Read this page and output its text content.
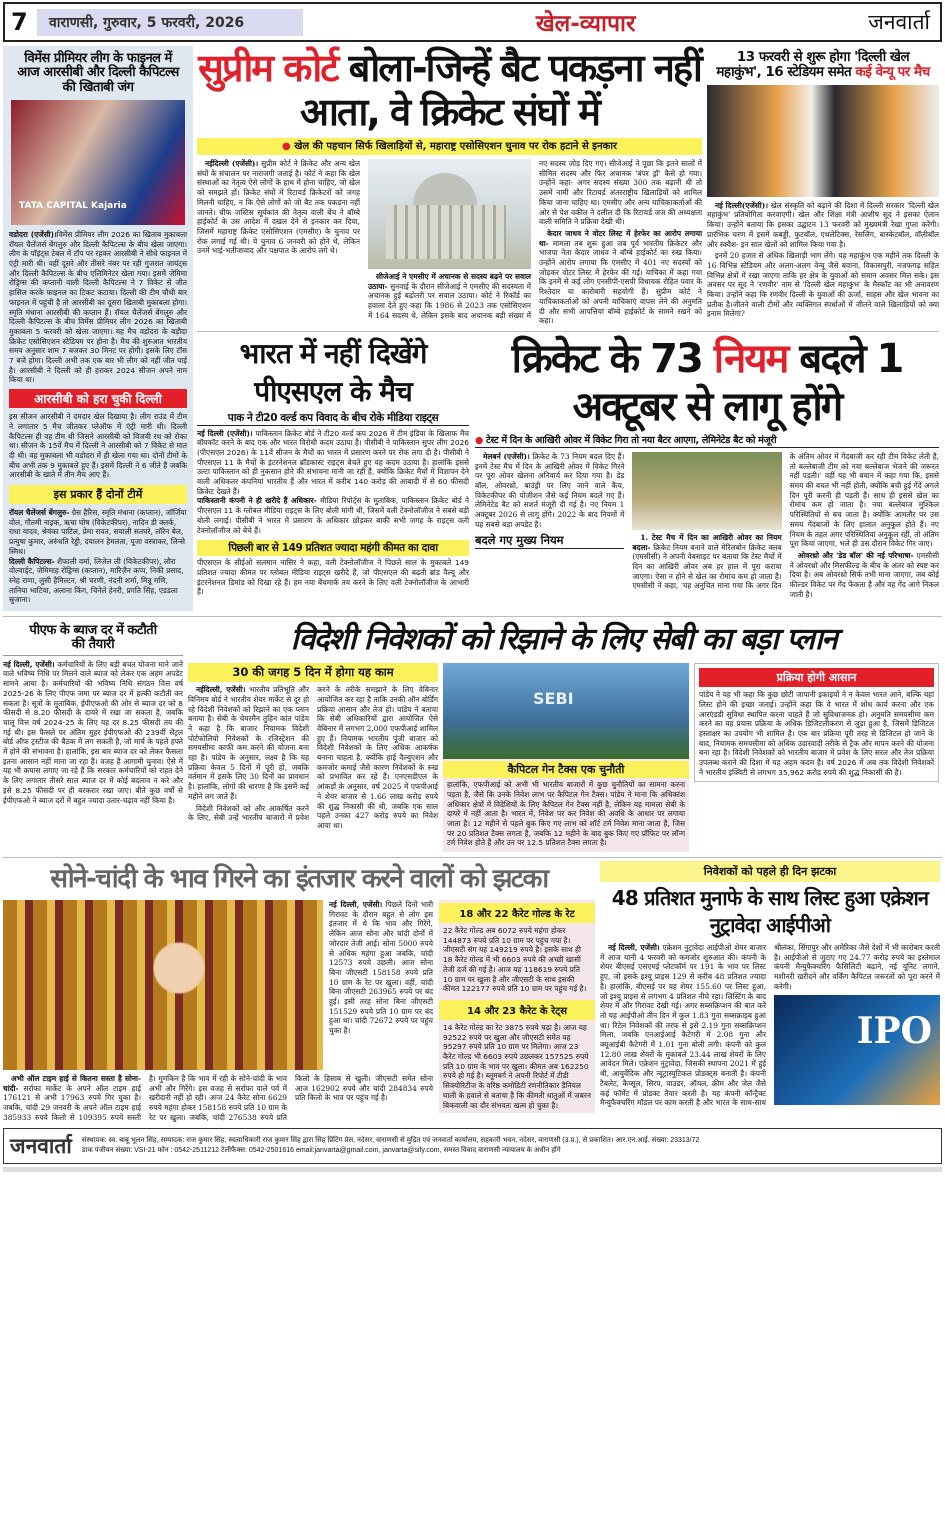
7	वाराणसी, गुरुवार, 5 फरवरी, 2026	खेल-व्यापार	जनवार्ता
विमेंस प्रीमियर लीग के फाइनल में आज आरसीबी और दिल्ली कैपिटल्स की खिताबी जंग
TATA CAPITAL Kajaria
वडोदरा (एजेंसी)।विमेंस प्रीमियर लीग 2026 का खिताब मुकाबला रॉयल चैलेंजर्स बेंगलुरु और दिल्ली कैपिटल्स के बीच खेला जाएगा। लीग के पॉइंट्स टेबल में टॉप पर रहकर आरसीबी ने सीधे फाइनल में एंट्री मारी थी। वहीं दूसरे और तीसरे नंबर पर रही गुजरात जायंट्स और दिल्ली कैपिटल्स के बीच एलिमिनेटर खेला गया। इसमें जेमिमा रोड्रिग्स की कप्तानी वाली दिल्ली कैपिटल्स ने 7 विकेट से जीत हासिल करके फाइनल का टिकट कटाया। दिल्ली की टीम चौथी बार फाइनल में पहुंची है तो आरसीबी का दूसरा खिताबी मुकाबला होगा। स्मृति मंधाना आरसीबी की कप्तान हैं। रॉयल चैलेंजर्स बेंगलुरु और दिल्ली कैपिटल्स के बीच विमेंस प्रीमियर लीग 2026 का खिताबी मुकाबला 5 फरवरी को खेला जाएगा। यह मैच वडोदरा के बड़ौदा क्रिकेट एसोसिएशन स्टेडियम पर होना है। मैच की शुरुआत भारतीय समय अनुसार शाम 7 बजकर 30 मिनट पर होगी। इसके लिए टॉस 7 बजे होगा। दिल्ली अभी तक एक बार भी लीग को नहीं जीत पाई है। आरसीबी ने दिल्ली को ही हराकर 2024 सीजन अपने नाम किया था।
आरसीबी को हरा चुकी दिल्ली
इस सीजन आरसीबी ने दमदार खेल दिखाया है। लीग राउंड में टीम ने लगातार 5 मैच जीतकर प्लेऑफ में एंट्री मारी थी। दिल्ली कैपिटल्स ही वह टीम थी जिसने आरसीबी को विजयी रथ को रोका था। सीजन के 15वें मैच में दिल्ली ने आरसीबी को 7 विकेट से मात दी थी। वह मुकाबला भी वडोदरा में ही खेला गया था। दोनों टीमों के बीच अभी तक 9 मुकाबले हुए हैं। इसमें दिल्ली ने 6 जीते हैं जबकि आरसीबी के खाते में तीन मैच आए हैं।
इस प्रकार हैं दोनों टीमें
रॉयल चैलेंजर्स बेंगलुरु- ग्रेस हैरिस, स्मृति मंधाना (कप्तान), जॉर्जिया वोल, गौतमी नाइक, ऋचा घोष (विकेटकीपर), नादिन डी क्लर्क, राधा यादव, श्रेयंका पाटिल, प्रेमा रावत, सयाली सतघरे, लॉरेन बेल, प्रत्युषा कुमार, अरुंधति रेड्डी, दयालन हेमलता, पूजा वस्त्राकर, लिन्से स्मिथ।
दिल्ली कैपिटल्स- शैफाली वर्मा, लिजेल ली (विकेटकीपर), लौरा वोल्वार्ड्ट, जेमिमाह रोड्रिग्स (कप्तान), मारिज़ैन कप्प, निकी प्रसाद, स्नेह राणा, लुसी हैमिल्टन, श्री चरणी, नंदनी शर्मा, मिन्नू मणि, तानिया भाटिया, अलाना किंग, चिनेले हेनरी, प्रगति सिंह, एडडला स्रुजाना।
सुप्रीम कोर्ट बोला-जिन्हें बैट पकड़ना नहीं आता, वे क्रिकेट संघों में
● खेल की पहचान सिर्फ खिलाड़ियों से, महाराष्ट्र एसोसिएशन चुनाव पर रोक हटाने से इनकार

नईदिल्ली (एजेंसी)। सुप्रीम कोर्ट ने क्रिकेट और अन्य खेल संघों के संचालन पर नाराजगी जताई है। कोर्ट ने कहा कि खेल संस्थाओं का नेतृत्व ऐसे लोगों के हाथ में होना चाहिए, जो खेल को समझते हों। क्रिकेट संघों में रिटायर्ड क्रिकेटरों को जगह मिलनी चाहिए, न कि ऐसे लोगों को जो बैट तक पकड़ना नहीं जानते। चीफ जस्टिस सूर्यकांत की नेतृत्व वाली बेंच ने बॉम्बे हाईकोर्ट के उस आदेश में दखल देने से इनकार कर दिया, जिसमें महाराष्ट्र क्रिकेट एसोसिएशन (एमसीए) के चुनाव पर रोक लगाई गई थी। ये चुनाव 6 जनवरी को होने थे, लेकिन उनमें भाई-भतीजावाद और पक्षपात के आरोप लगे थे।

सीजेआई ने एमसीए में अचानक से सदस्य बढ़ने पर सवाल उठाया- सुनवाई के दौरान सीजेआई ने एमसीए की सदस्यता में अचानक हुई बढ़ोतरी पर सवाल उठाया। कोर्ट ने रिकॉर्ड का हवाला देते हुए कहा कि 1986 से 2023 तक एसोसिएशन में 164 सदस्य थे, लेकिन इसके बाद अचानक बड़ी संख्या में नए सदस्य जोड़ दिए गए। सीजेआई ने पूछा कि इतने सालों में सीमित सदस्य और फिर अचानक 'बंपर ड्रॉ' कैसे हो गया। उन्होंने कहा- अगर सदस्य संख्या 300 तक बढ़ानी थी तो उसमें नामी और रिटायर्ड अंतरराष्ट्रीय खिलाड़ियों को शामिल किया जाना चाहिए था। एमसीए और अन्य याचिकाकर्ताओं की ओर से पेश वकील ने दलील दी कि रिटायर्ड जज की अध्यक्षता वाली समिति ने प्रक्रिया देखी थी।

केदार जाधव ने वोटर लिस्ट में हेरफेर का आरोप लगाया था- मामला तब शुरू हुआ जब पूर्व भारतीय क्रिकेटर और भाजपा नेता केदार जाधव ने बॉम्बे हाईकोर्ट का रुख किया। उन्होंने आरोप लगाया कि एमसीए में 401 नए सदस्यों को जोड़कर वोटर लिस्ट में हेरफेर की गई। याचिका में कहा गया कि इनमें से कई लोग एनसीपी-एसपी विधायक रोहित पवार के रिश्तेदार या कारोबारी सहयोगी हैं। सुप्रीम कोर्ट ने याचिकाकर्ताओं को अपनी याचिकाएं वापस लेने की अनुमति दी और सभी आपत्तियां बॉम्बे हाईकोर्ट के सामने रखने को कहा।

13 फरवरी से शुरू होगा 'दिल्ली खेल महाकुंभ', 16 स्टेडियम समेत कई वेन्यू पर मैच

नई दिल्ली(एजेंसी)। खेल संस्कृति को बढ़ाने की दिशा में दिल्ली सरकार 'दिल्ली खेल महाकुंभ' प्रतियोगिता करवाएगी। खेल और शिक्षा मंत्री आशीष सूद ने इसका ऐलान किया। उन्होंने बताया कि इसका उद्घाटन 13 फरवरी को मुख्यमंत्री रेखा गुप्ता करेंगी। प्रारंभिक चरण में इसमें कबड्डी, फुटबॉल, एथलेटिक्स, रेसलिंग, बास्केटबॉल, वॉलीबॉल और स्क्वैश- इन सात खेलों को शामिल किया गया है।

इनमें 20 हजार से अधिक खिलाड़ी भाग लेंगे। यह महाकुंभ एक महीने तक दिल्ली के 16 विभिन्न स्टेडियम और अलग-अलग वेन्यू जैसे बवाना, विकासपुरी, नजफगढ़ सहित विभिन्न क्षेत्रों में रखा जाएगा ताकि हर क्षेत्र के युवाओं को समान अवसर मिल सके। इस अवसर पर सूद ने 'रणवीर' नाम से 'दिल्ली खेल महाकुंभ' के मैस्कॉट का भी अनावरण किया। उन्होंने कहा कि रणवीर दिल्ली के युवाओं की ऊर्जा, साहस और खेल भावना का प्रतीक है।जीतने वाली टीमों और व्यक्तिगत स्पर्धाओं में जीतने वाले खिलाड़ियों को क्या इनाम मिलेगा?

भारत में नहीं दिखेंगे पीएसएल के मैच
पाक ने टी20 वर्ल्ड कप विवाद के बीच रोके मीडिया राइट्स
नई दिल्ली (एजेंसी)। पाकिस्तान क्रिकेट बोर्ड ने टी20 वर्ल्ड कप 2026 में टीम इंडिया के खिलाफ मैच बॉयकॉट करने के बाद एक और भारत विरोधी कदम उठाया है। पीसीबी ने पाकिस्तान सुपर लीग 2026 (पीएसएल 2026) के 11वें सीजन के मैचों का भारत में प्रसारण करने पर रोक लगा दी है। पीसीबी ने पीएसएल 11 के मैचों के इंटरनेशनल ब्रॉडकास्ट राइट्स बेचते हुए यह कदम उठाया है। हालांकि इससे उल्टा पाकिस्तान को ही नुकसान होने की संभावना मानी जा रही है, क्योंकि क्रिकेट मैचों में विज्ञापन देने वाली अधिकतर कंपनियां भारतीय हैं और भारत में करीब 140 करोड़ की आबादी में से 60 फीसदी क्रिकेट देखते हैं।
पाकिस्तानी कंपनी ने ही खरीदे हैं अधिकार- मीडिया रिपोर्ट्स के मुताबिक, पाकिस्तान क्रिकेट बोर्ड ने पीएसएल 11 के ग्लोबल मीडिया राइट्स के लिए बोली मांगी थी, जिसमें वली टेक्नोलॉजीज ने सबसे बड़ी बोली लगाई। पीसीबी ने भारत में प्रसारण के अधिकार छोड़कर बाकी सभी जगह के राइट्स वली टेक्नोलॉजीज को बेचे हैं।
पिछली बार से 149 प्रतिशत ज्यादा महंगी कीमत का दावा
पीएसएल के सीईओ सलमान नासिर ने कहा, वली टेक्नोलॉजीज ने पिछले साल के मुकाबले 149 प्रतिशत ज्यादा कीमत पर ग्लोबल मीडिया राइट्स खरीदे हैं, जो पीएसएल की बढ़ती ब्रांड वैल्यू और इंटरनेशनल डिमांड को दिखा रहे हैं। हम नया बेंचमार्क तय करने के लिए वली टेक्नोलॉजीज के आभारी हैं।
क्रिकेट के 73 नियम बदले 1 अक्टूबर से लागू होंगे
● टेस्ट में दिन के आखिरी ओवर में विकेट गिरा तो नया बैटर आएगा, लेमिनेटेड बैट को मंजूरी

मेलबर्न (एजेंसी)। क्रिकेट के 73 नियम बदल दिए हैं। इनमें टेस्ट मैच में दिन के आखिरी ओवर में विकेट गिरने पर पूरा ओवर खेलना अनिवार्य कर दिया गया है। डेड बॉल, ओवरथ्रो, बाउंड्री पर लिए जाने वाले कैच, विकेटकीपर की पोजीशन जैसे कई नियम बदले गए हैं। लेमिनेटेड बैट को सशर्त मंजूरी दी गई है। नए नियम 1 अक्टूबर 2026 से लागू होंगे। 2022 के बाद नियमों में यह सबसे बड़ा अपडेट है।

बदले गए मुख्य नियम	1. टेस्ट मैच में दिन का आखिरी ओवर का नियम बदला- क्रिकेट नियम बनाने वाले मेरिलबोन क्रिकेट क्लब (एमसीसी) ने अपनी वेबसाइट पर बताया कि टेस्ट मैचों में दिन का आखिरी ओवर अब हर हाल में पूरा कराया जाएगा। ऐसा न होने से खेल का रोमांच कम हो जाता है। एमसीसी ने कहा, 'यह अनुचित माना गया कि अगर दिन के अंतिम ओवर में गेंदबाजी कर रही टीम विकेट लेती है, तो बल्लेबाजी टीम को नया बल्लेबाज भेजने की जरूरत नहीं पड़ती।' वहीं यह भी बयान में कहा गया कि, इससे समय की बचत भी नहीं होती, क्योंकि बची हुई गेंदें अगले दिन पूरी करनी ही पड़ती हैं। साथ ही इससे खेल का रोमांच कम हो जाता है। नया बल्लेबाज मुश्किल परिस्थितियों से बच जाता है। क्योंकि आमतौर पर उस समय गेंदबाजों के लिए हालात अनुकूल होते हैं। नए नियम के तहत अगर परिस्थितियां अनुकूल रहीं, तो अंतिम पूरा किया जाएगा, भले ही उस दौरान विकेट गिर जाए।

ओवरथ्रो और 'डेड बॉल' की नई परिभाषा- एमसीसी ने ओवरथ्रो और मिसफील्ड के बीच के अंतर को स्पष्ट कर दिया है। अब ओवरथ्रो सिर्फ तभी माना जाएगा, जब कोई फील्डर विकेट पर गेंद फेंकता है और वह गेंद आगे निकल जाती है।

पीएफ के ब्याज दर में कटौती की तैयारी
नई दिल्ली, एजेंसी। कर्मचारियों के लिए बड़ी बचत योजना माने जाने वाले भविष्य निधि पर मिलने वाले ब्याज को लेकर एक अहम अपडेट सामने आया है। कर्मचारियों की भविष्य निधि संगठन वित्त वर्ष 2025-26 के लिए पीएफ जमा पर ब्याज दर में हल्की कटौती कर सकता है। सूत्रों के मुताबिक, ईपीएफओ की ओर से ब्याज दर को 8 फीसदी से 8.20 फीसदी के दायरे में रखा जा सकता है, जबकि चालू वित्त वर्ष 2024-25 के लिए यह दर 8.25 फीसदी तय की गई थी। इस फैसले पर अंतिम मुहर ईपीएफओ की 239वीं सेंट्रल बोर्ड ऑफ ट्रस्टीज की बैठक में लग सकती है, जो मार्च के पहले हफ्ते में होने की संभावना है। हालांकि, इस बार ब्याज दर को लेकर फैसला इतना आसान नहीं माना जा रहा है। वजह है आगामी चुनाव। ऐसे में यह भी कयास लगाए जा रहे हैं कि सरकार कर्मचारियों को राहत देने के लिए लगातार तीसरे साल ब्याज दर में कोई बदलाव न करे और इसे 8.25 फीसदी पर ही बरकरार रखा जाए। बीते कुछ वर्षों से ईपीएफओ ने ब्याज दरों में बहुत ज्यादा उतार-चढ़ाव नहीं किया है।
विदेशी निवेशकों को रिझाने के लिए सेबी का बड़ा प्लान
30 की जगह 5 दिन में होगा यह काम

नईदिल्ली, एजेंसी। भारतीय प्रतिभूति और विनिमय बोर्ड ने भारतीय शेयर मार्केट से दूर हो रहे विदेशी निवेशकों को रिझाने का एक प्लान बनाया है। सेबी के चेयरमैन तुहिन कांत पांडेय ने कहा है कि बाजार नियामक विदेशी पोर्टफोलियो निवेशकों के रजिस्ट्रेशन की समयसीमा काफी कम करने की योजना बना रहा है। पांडेय के अनुसार, लक्ष्य है कि यह प्रक्रिया केवल 5 दिनों में पूरी हो, जबकि वर्तमान में इसके लिए 30 दिनों का प्रावधान है। हालांकि, लोगों की धारणा है कि इसमें कई महीने लग जाते हैं।

विदेशी निवेशकों को और आकर्षित करने के लिए, सेबी उन्हें भारतीय बाजारों में प्रवेश करने के तरीके समझाने के लिए वेबिनार आयोजित कर रहा है ताकि उनकी ऑन बोर्डिंग प्रक्रिया आसान और तेज हो। पांडेय ने बताया कि सेबी अधिकारियों द्वारा आयोजित ऐसे वेबिनार में लगभग 2,000 एफपीआई शामिल हुए हैं। नियामक भारतीय पूंजी बाजार को विदेशी निवेशकों के लिए अधिक आकर्षक बनाना चाहता है, क्योंकि हाई वैल्युएशन और कमजोर कमाई जैसे कारण निवेशकों के रुख को प्रभावित कर रहे हैं। एनएसडीएल के आंकड़ों के अनुसार, वर्ष 2025 में एफपीआई ने शेयर बाजार से 1.66 लाख करोड़ रुपये की शुद्ध निकासी की थी, जबकि एक साल पहले उनका 427 करोड़ रुपये का निवेश आया था।

SEBI
कैपिटल गेन टैक्स एक चुनौती
हालांकि, एफपीआई को अभी भी भारतीय बाजारों में कुछ चुनौतियों का सामना करना पड़ता है, जैसे कि उनके निवेश लाभ पर कैपिटल गेन टैक्स। पांडेय ने माना कि अधिकांश अधिकार क्षेत्रों में विदेशियों के लिए कैपिटल गेन टैक्स नहीं है, लेकिन यह मामला सेबी के दायरे में नहीं आता है। भारत में, निवेश पर कर निवेश की अवधि के आधार पर लगाया जाता है। 12 महीने से पहले बुक किए गए लाभ को शॉर्ट टर्म निवेश माना जाता है, जिस पर 20 प्रतिशत टैक्स लगता है, जबकि 12 महीने के बाद बुक किए गए प्रॉफिट पर लॉन्ग टर्म निवेश होते हैं और उन पर 12.5 प्रतिशत टैक्स लगता है।
प्रक्रिया होगी आसान
पांडेय ने यह भी कहा कि कुछ छोटी जापानी इकाइयों ने न केवल भारत आने, बल्कि यहां लिस्ट होने की इच्छा जताई। उन्होंने कहा कि वे भारत में शोध कार्य करना और एक आरएंडडी सुविधा स्थापित करना चाहते हैं जो सुविधाजनक हो। अनुमति समयसीमा कम करने का यह प्रयास प्रक्रिया के अधिक डिजिटलीकरण से जुड़ा हुआ है, जिसमें डिजिटल हस्ताक्षर का उपयोग भी शामिल है। एक बार प्रक्रिया पूरी तरह से डिजिटल हो जाने के बाद, नियामक समयसीमा को अधिक उदारवादी तरीके से ट्रैक और मापन करने की योजना बना रहा है। विदेशी निवेशकों को भारतीय बाजार में प्रवेश के लिए सरल और तेज प्रक्रिया उपलब्ध कराने की दिशा में यह अहम कदम है। वर्ष 2026 में अब तक विदेशी निवेशकों ने भारतीय इक्विटी से लगभग 35,962 करोड़ रुपये की शुद्ध निकासी की है।
सोने-चांदी के भाव गिरने का इंतजार करने वालों को झटका
नई दिल्ली, एजेंसी। पिछले दिनों भारी गिरावट के दौरान बहुत से लोग इस इंतजार में थे कि भाव और गिरेंगे, लेकिन आज सोना और चांदी दोनों में जोरदार तेजी आई। सोना 5000 रुपये से अधिक महंगा हुआ जबकि, चांदी 12573 रुपये उछली। आज सोना बिना जीएसटी 158158 रुपये प्रति 10 ग्राम के रेट पर खुला। वहीं, चांदी बिना जीएसटी 263965 रुपये पर बंद हुई। इसी तरह सोना बिना जीएसटी 151529 रुपये प्रति 10 ग्राम पर बंद हुआ था। चांदी 72672 रुपये पर पहुंच चुका है।

अभी ऑल टाइम हाई से कितना सस्ता है सोना-चांदी- सर्राफा मार्केट के अपने ऑल टाइम हाई 176121 से अभी 17963 रुपये गिर चुका है। जबकि, चांदी 29 जनवरी के अपने ऑल टाइम हाई 385933 रुपये किलो से 109395 रुपये सस्ती है। मुमकिन है कि भाव में रही के सोने-चांदी के भाव अभी और गिरेंगे। इस वजह से सर्राफा वाले पर्व में खरीदारी नहीं हो रही। आज 24 कैरेट सोना 6629 रुपये महंगा होकर 158158 रुपये प्रति 10 ग्राम के रेट पर खुला। जबकि, चांदी 276538 रुपये प्रति किलो के हिसाब से खुली। जीएसटी समेत सोना आज 162902 रुपये और चांदी 284834 रुपये प्रति किलो के भाव पर पहुंच गई है।

18 और 22 कैरेट गोल्ड के रेट
22 कैरेट गोल्ड अब 6072 रुपये महंगा होकर 144873 रुपये प्रति 10 ग्राम पर पहुंच गया है। जीएसटी संग यह 149219 रुपये है। इसके साथ ही 18 कैरेट गोल्ड में भी 6603 रुपये की अच्छी खासी तेजी दर्ज की गई है। आज यह 118619 रुपये प्रति 10 ग्राम पर खुला है और जीएसटी के साथ इसकी कीमत 122177 रुपये प्रति 10 ग्राम पर पहुंच गई है।
14 और 23 कैरेट के रेट्स
14 कैरेट गोल्ड का रेट 3875 रुपये चढ़ा है। आज यह 92522 रुपये पर खुला और जीएसटी समेत यह 95297 रुपये प्रति 10 ग्राम पर मिलेगा। आज 23 कैरेट गोल्ड भी 6603 रुपये उछलकर 157525 रुपये प्रति 10 ग्राम के भाव पर खुला। कीमत अब 162250 रुपये हो गई है। ब्लूमबर्ग ने अपनी रिपोर्ट में टीडी सिक्योरिटीज के वरिष्ठ कमोडिटी रणनीतिकार डैनियल घाली के हवाले से बताया है कि कीमती धातुओं में जबरन बिकवाली का दौर संभवतः खत्म हो चुका है।
निवेशकों को पहले ही दिन झटका
48 प्रतिशत मुनाफे के साथ लिस्ट हुआ एक्रेशन नुट्रावेदा आईपीओ

नई दिल्ली, एजेंसी। एक्रेशन नुट्रावेदा आईपीओ शेयर बाजार में आज यानी 4 फरवरी को कमजोर शुरुआत की। कंपनी के शेयर बीएसई एसएमई प्लेटफॉर्म पर 191 के भाव पर लिस्ट हुए, जो इसके इश्यू प्राइस 129 से करीब 48 प्रतिशत ज्यादा है। हालांकि, बीएसई पर यह शेयर 155.60 पर लिस्ट हुआ, जो इश्यू प्राइस से लगभग 4 प्रतिशत नीचे रहा। लिस्टिंग के बाद शेयर में और गिरावट देखी गई। अगर सब्सक्रिप्शन की बात करें तो यह आईपीओ तीन दिन में कुल 1.83 गुना सब्सक्राइब हुआ था। रिटेल निवेशकों की तरफ से इसे 2.19 गुना सब्सक्रिप्शन मिला, जबकि एनआईआई कैटेगरी में 2.08 गुना और क्यूआईबी कैटेगरी में 1.01 गुना बोली लगी। कंपनी को कुल 12.80 लाख शेयरों के मुकाबले 23.44 लाख शेयरों के लिए आवेदन मिले। एक्रेशन नुट्रावेदा, जिसकी स्थापना 2021 में हुई थी, आयुर्वेदिक और न्यूट्रास्युटिकल प्रोडक्ट्स बनाती है। कंपनी टैबलेट, कैप्सूल, सिरप, पाउडर, ऑयल, क्रीम और जेल जैसे कई फॉर्मेट में प्रोडक्ट तैयार करती है। यह कंपनी कॉन्ट्रैक्ट मैन्युफैक्चरिंग मॉडल पर काम करती है और भारत के साथ-साथ श्रीलंका, सिंगापुर और अमेरिका जैसे देशों में भी कारोबार करती है। आईपीओ से जुटाए गए 24.77 करोड़ रुपये का इस्तेमाल कंपनी मैन्युफैक्चरिंग फैसिलिटी बढ़ाने, नई यूनिट लगाने, मशीनरी खरीदने और वर्किंग कैपिटल जरूरतों को पूरा करने में करेगी।

IPO
जनवार्ता संस्थापक: स्व. बाबू भूलन सिंह, सम्पादक: राज कुमार सिंह, स्वत्वाधिकारी राज कुमार सिंह द्वारा सिंह प्रिंटिंग प्रेस, नदेसर, वाराणसी से मुद्रित एवं जनवार्ता कार्यालय, सहकारी भवन, नदेसर, वाराणसी (उ.प्र.), से प्रकाशित। आर.एन.आई. संख्या: 23313/72
डाक पंजीयन संख्या: VSI-21 फोन : 0542-2511212 टेलीफैक्स: 0542-2501616 email:janvarta@gmail.com, janvarta@sify.com, समस्त विवाद वाराणसी न्यायालय के अधीन होंगे
